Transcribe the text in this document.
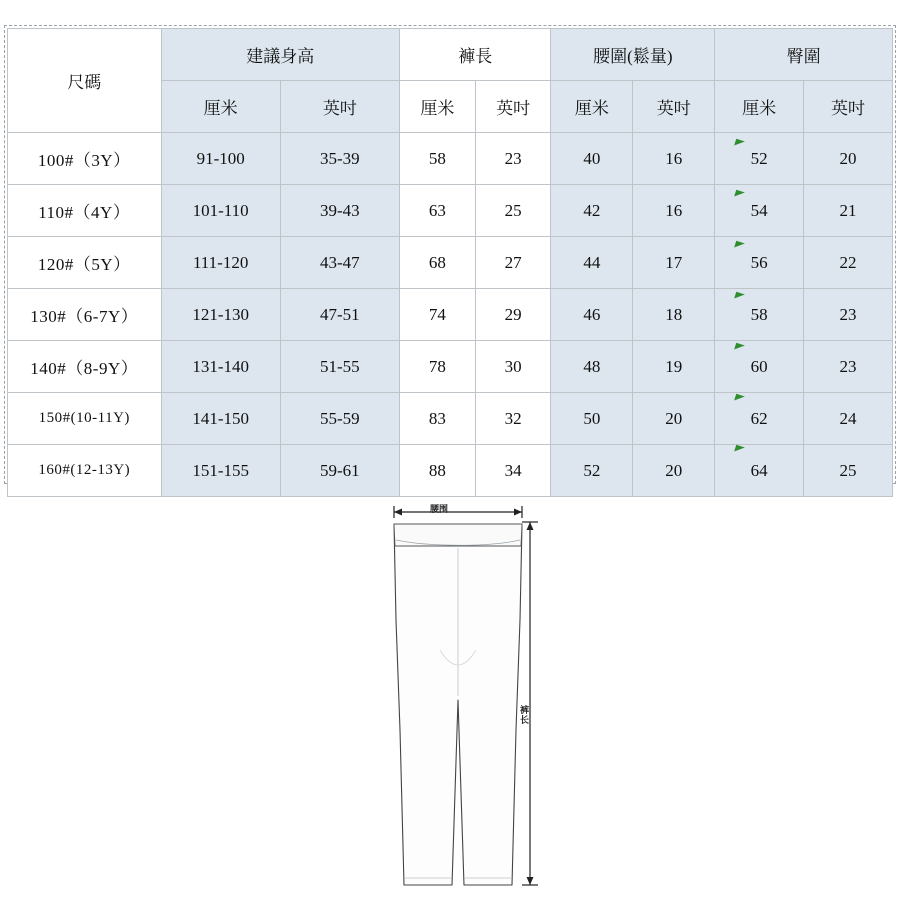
尺碼	建議身高		褲長		腰圍(鬆量)		臀圍	
	厘米	英吋	厘米	英吋	厘米	英吋	厘米	英吋
100#（3Y）	91-100	35-39	58	23	40	16	52	20
110#（4Y）	101-110	39-43	63	25	42	16	54	21
120#（5Y）	111-120	43-47	68	27	44	17	56	22
130#（6-7Y）	121-130	47-51	74	29	46	18	58	23
140#（8-9Y）	131-140	51-55	78	30	48	19	60	23
150#(10-11Y)	141-150	55-59	83	32	50	20	62	24
160#(12-13Y)	151-155	59-61	88	34	52	20	64	25
腰围
裤长
